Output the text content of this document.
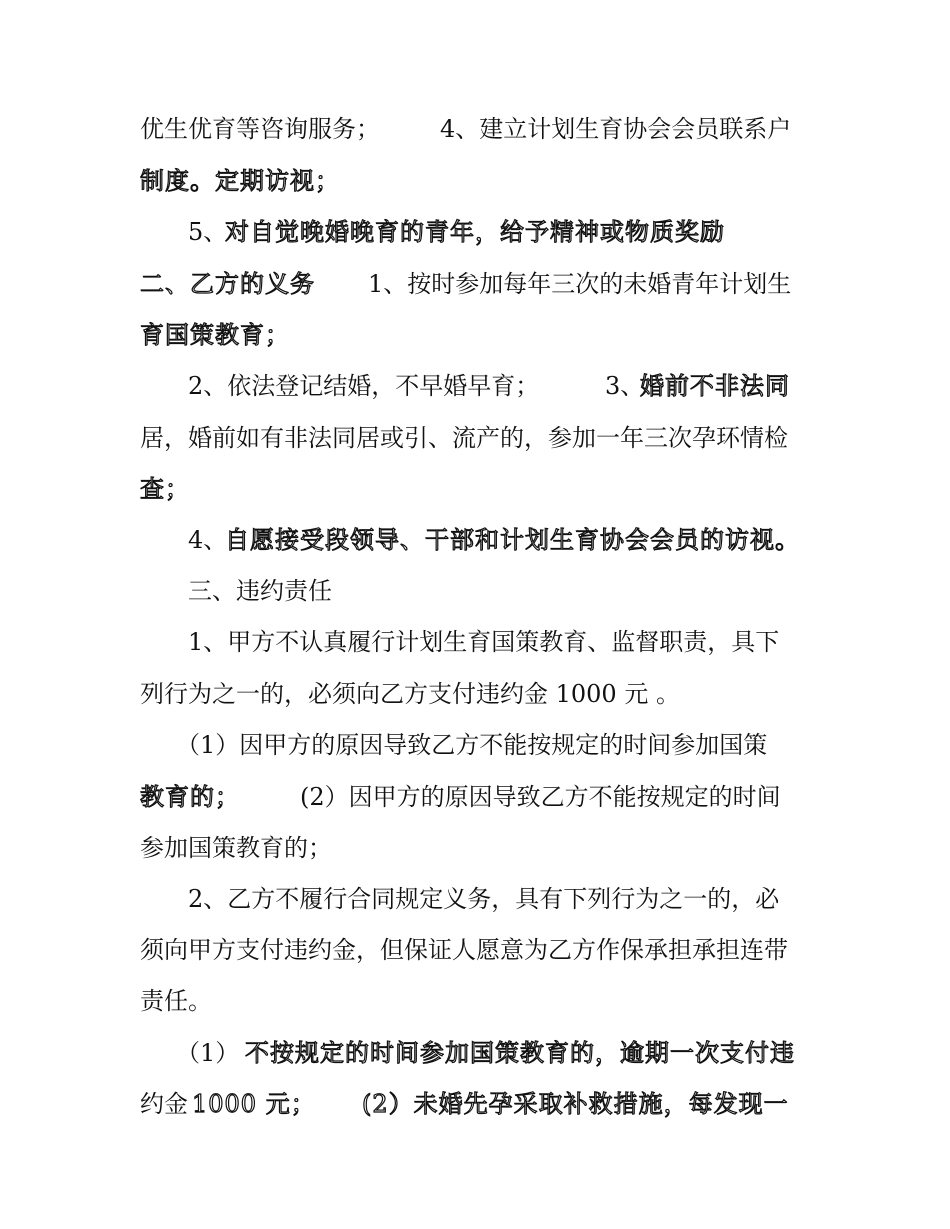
优生优育等咨询服务；	4、建立计划生育协会会员联系户
制度。定期访视；
5、
对自觉晚婚晚育的青年，给予精神或物质奖励
二、乙方的义务 1、按时参加每年三次的未婚青年计划生
育国策教育；
2、依法登记结婚，不早婚早育；	3、
婚前不非法同
居，婚前如有非法同居或引、流产的，参加一年三次孕环情检
查；
4、
自愿接受段领导、干部和计划生育协会会员的访视。
三、违约责任
1、甲方不认真履行计划生育国策教育、监督职责，具下
列行为之一的，必须向乙方支付违约金 1000 元 。
（1）因甲方的原因导致乙方不能按规定的时间参加国策
教育的；	(2）因甲方的原因导致乙方不能按规定的时间
参加国策教育的；
2、乙方不履行合同规定义务，具有下列行为之一的，必
须向甲方支付违约金，但保证人愿意为乙方作保承担承担连带
责任。
（1） 不按规定的时间参加国策教育的，逾期一次支付违
约金 1000 元； (2）未婚先孕采取补救措施，每发现一
